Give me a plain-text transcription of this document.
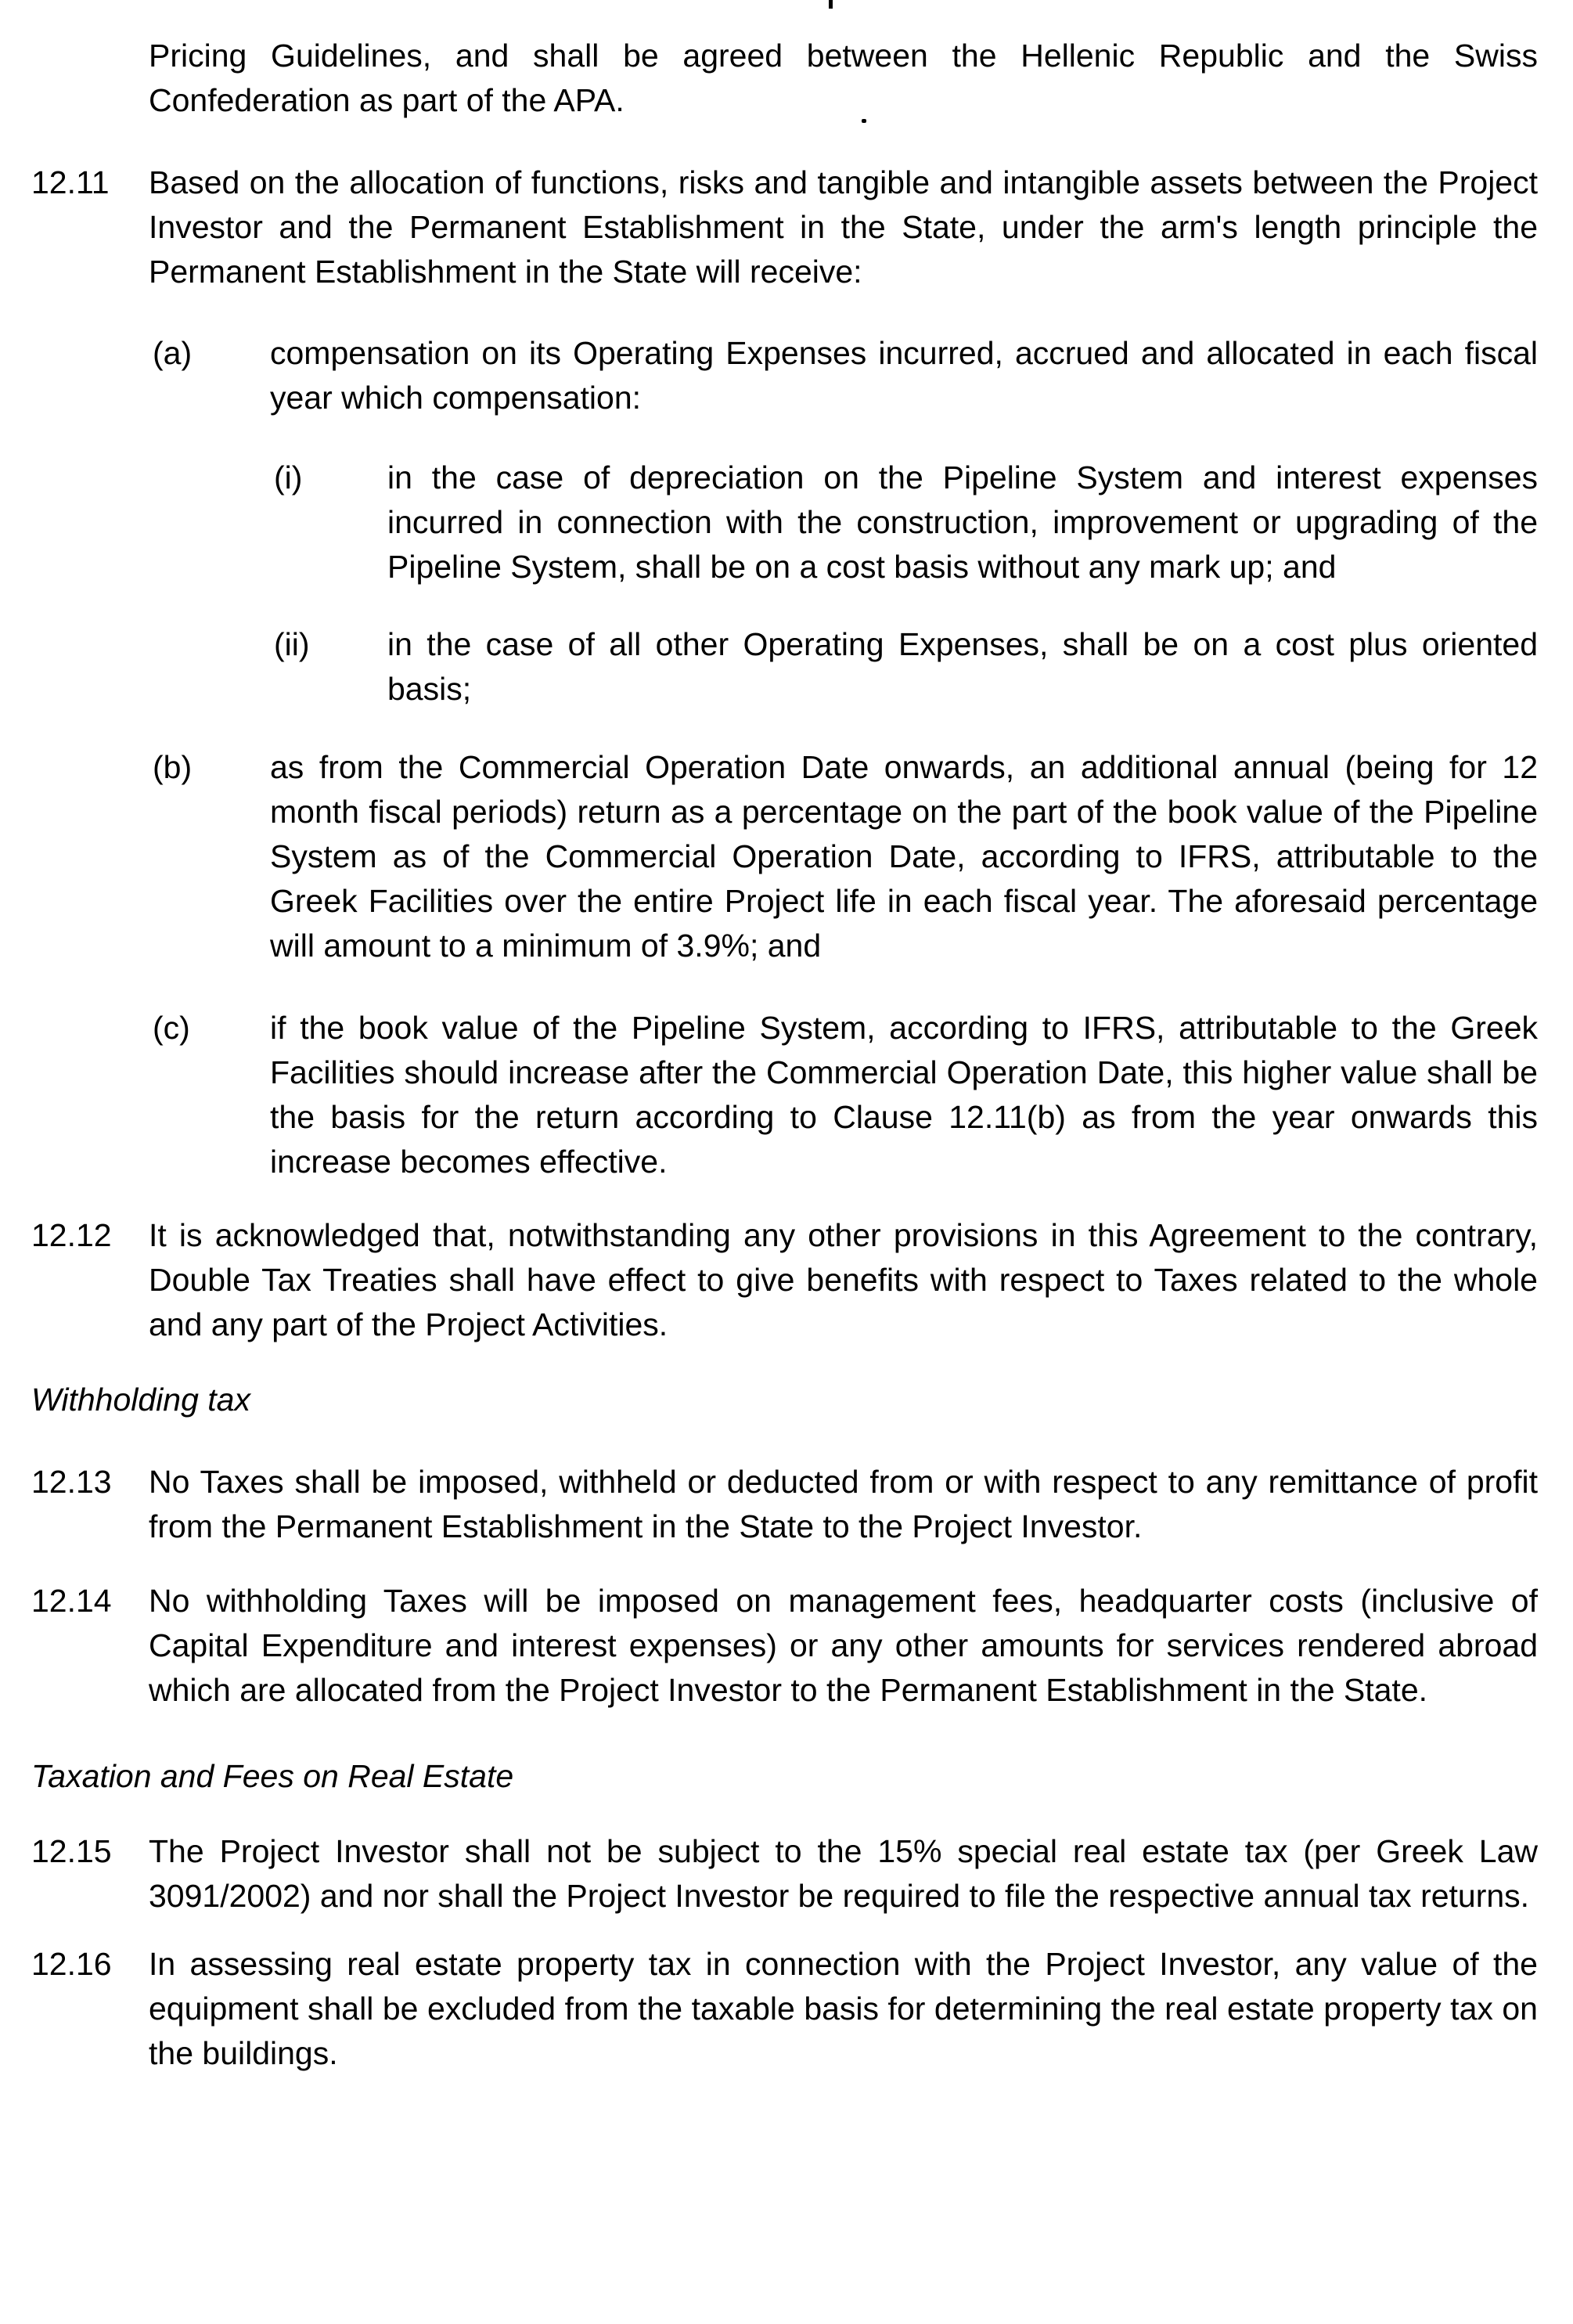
Pricing Guidelines, and shall be agreed between the Hellenic Republic and the Swiss Confederation as part of the APA.
12.11	Based on the allocation of functions, risks and tangible and intangible assets between the Project Investor and the Permanent Establishment in the State, under the arm's length principle the Permanent Establishment in the State will receive:
(a)	compensation on its Operating Expenses incurred, accrued and allocated in each fiscal year which compensation:
(i)	in the case of depreciation on the Pipeline System and interest expenses incurred in connection with the construction, improvement or upgrading of the Pipeline System, shall be on a cost basis without any mark up; and
(ii)	in the case of all other Operating Expenses, shall be on a cost plus oriented basis;
(b)	as from the Commercial Operation Date onwards, an additional annual (being for 12 month fiscal periods) return as a percentage on the part of the book value of the Pipeline System as of the Commercial Operation Date, according to IFRS, attributable to the Greek Facilities over the entire Project life in each fiscal year. The aforesaid percentage will amount to a minimum of 3.9%; and
(c)	if the book value of the Pipeline System, according to IFRS, attributable to the Greek Facilities should increase after the Commercial Operation Date, this higher value shall be the basis for the return according to Clause 12.11(b) as from the year onwards this increase becomes effective.
12.12	It is acknowledged that, notwithstanding any other provisions in this Agreement to the contrary, Double Tax Treaties shall have effect to give benefits with respect to Taxes related to the whole and any part of the Project Activities.
Withholding tax
12.13	No Taxes shall be imposed, withheld or deducted from or with respect to any remittance of profit from the Permanent Establishment in the State to the Project Investor.
12.14	No withholding Taxes will be imposed on management fees, headquarter costs (inclusive of Capital Expenditure and interest expenses) or any other amounts for services rendered abroad which are allocated from the Project Investor to the Permanent Establishment in the State.
Taxation and Fees on Real Estate
12.15	The Project Investor shall not be subject to the 15% special real estate tax (per Greek Law 3091/2002) and nor shall the Project Investor be required to file the respective annual tax returns.
12.16	In assessing real estate property tax in connection with the Project Investor, any value of the equipment shall be excluded from the taxable basis for determining the real estate property tax on the buildings.
